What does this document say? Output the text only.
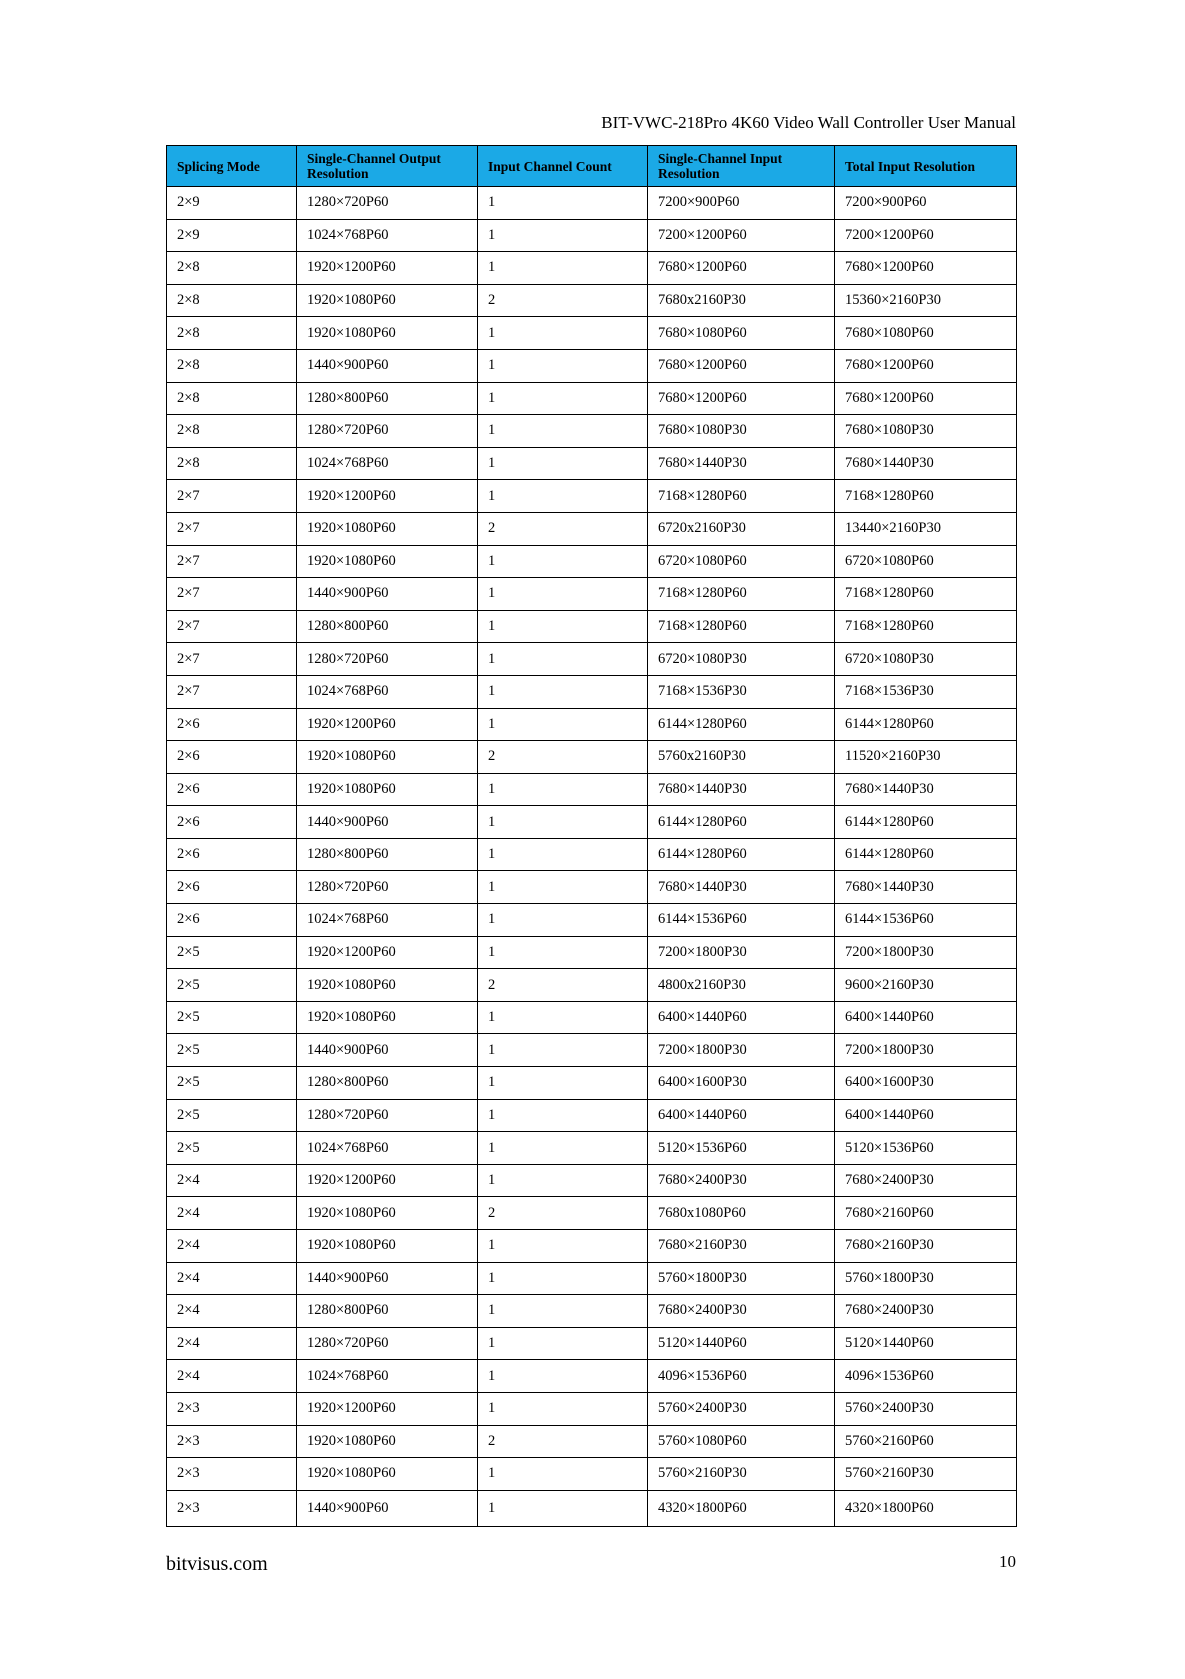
BIT-VWC-218Pro 4K60 Video Wall Controller User Manual
Splicing Mode	Single-Channel Output Resolution	Input Channel Count	Single-Channel Input Resolution	Total Input Resolution
2×9	1280×720P60	1	7200×900P60	7200×900P60
2×9	1024×768P60	1	7200×1200P60	7200×1200P60
2×8	1920×1200P60	1	7680×1200P60	7680×1200P60
2×8	1920×1080P60	2	7680x2160P30	15360×2160P30
2×8	1920×1080P60	1	7680×1080P60	7680×1080P60
2×8	1440×900P60	1	7680×1200P60	7680×1200P60
2×8	1280×800P60	1	7680×1200P60	7680×1200P60
2×8	1280×720P60	1	7680×1080P30	7680×1080P30
2×8	1024×768P60	1	7680×1440P30	7680×1440P30
2×7	1920×1200P60	1	7168×1280P60	7168×1280P60
2×7	1920×1080P60	2	6720x2160P30	13440×2160P30
2×7	1920×1080P60	1	6720×1080P60	6720×1080P60
2×7	1440×900P60	1	7168×1280P60	7168×1280P60
2×7	1280×800P60	1	7168×1280P60	7168×1280P60
2×7	1280×720P60	1	6720×1080P30	6720×1080P30
2×7	1024×768P60	1	7168×1536P30	7168×1536P30
2×6	1920×1200P60	1	6144×1280P60	6144×1280P60
2×6	1920×1080P60	2	5760x2160P30	11520×2160P30
2×6	1920×1080P60	1	7680×1440P30	7680×1440P30
2×6	1440×900P60	1	6144×1280P60	6144×1280P60
2×6	1280×800P60	1	6144×1280P60	6144×1280P60
2×6	1280×720P60	1	7680×1440P30	7680×1440P30
2×6	1024×768P60	1	6144×1536P60	6144×1536P60
2×5	1920×1200P60	1	7200×1800P30	7200×1800P30
2×5	1920×1080P60	2	4800x2160P30	9600×2160P30
2×5	1920×1080P60	1	6400×1440P60	6400×1440P60
2×5	1440×900P60	1	7200×1800P30	7200×1800P30
2×5	1280×800P60	1	6400×1600P30	6400×1600P30
2×5	1280×720P60	1	6400×1440P60	6400×1440P60
2×5	1024×768P60	1	5120×1536P60	5120×1536P60
2×4	1920×1200P60	1	7680×2400P30	7680×2400P30
2×4	1920×1080P60	2	7680x1080P60	7680×2160P60
2×4	1920×1080P60	1	7680×2160P30	7680×2160P30
2×4	1440×900P60	1	5760×1800P30	5760×1800P30
2×4	1280×800P60	1	7680×2400P30	7680×2400P30
2×4	1280×720P60	1	5120×1440P60	5120×1440P60
2×4	1024×768P60	1	4096×1536P60	4096×1536P60
2×3	1920×1200P60	1	5760×2400P30	5760×2400P30
2×3	1920×1080P60	2	5760×1080P60	5760×2160P60
2×3	1920×1080P60	1	5760×2160P30	5760×2160P30
2×3	1440×900P60	1	4320×1800P60	4320×1800P60
bitvisus.com	10
